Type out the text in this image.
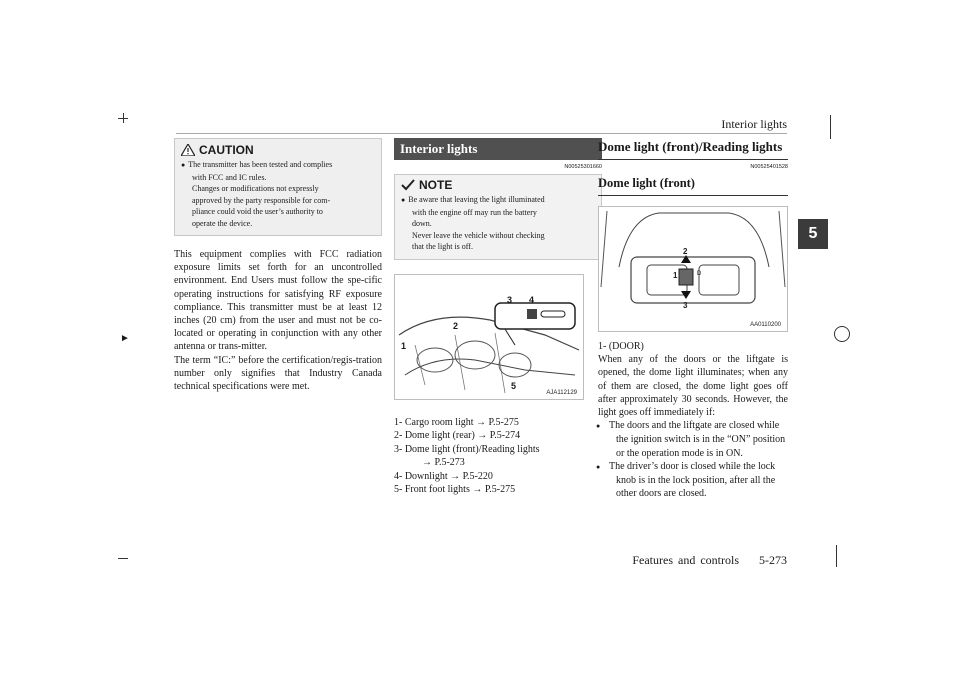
►
Interior lights
5
Features and controls 5-273
CAUTION
● The transmitter has been tested and complies
with FCC and IC rules.
Changes or modifications not expressly
approved by the party responsible for com-
pliance could void the user’s authority to
operate the device.
This equipment complies with FCC radiation exposure limits set forth for an uncontrolled environment. End Users must follow the spe-cific operating instructions for satisfying RF exposure compliance. This transmitter must be at least 12 inches (20 cm) from the user and must not be co-located or operating in conjunction with any other antenna or trans-mitter.
The term “IC:” before the certification/regis-tration number only signifies that Industry Canada technical specifications were met.
Interior lights
N00525301660
NOTE
● Be aware that leaving the light illuminated
with the engine off may run the battery
down.
Never leave the vehicle without checking
that the light is off.
1
2
3 4
5
AJA112129
1- Cargo room light → P.5-275
2- Dome light (rear) → P.5-274
3- Dome light (front)/Reading lights
→ P.5-273
4- Downlight → P.5-220
5- Front foot lights → P.5-275
Dome light (front)/Reading lights
N00525401528
Dome light (front)
2
D
1
3
AA0110200
1- (DOOR)
When any of the doors or the liftgate is opened, the dome light illuminates; when any of them are closed, the dome light goes off after approximately 30 seconds. However, the light goes off immediately if:
● The doors and the liftgate are closed while the ignition switch is in the “ON” position or the operation mode is in ON.
● The driver’s door is closed while the lock knob is in the lock position, after all the other doors are closed.
